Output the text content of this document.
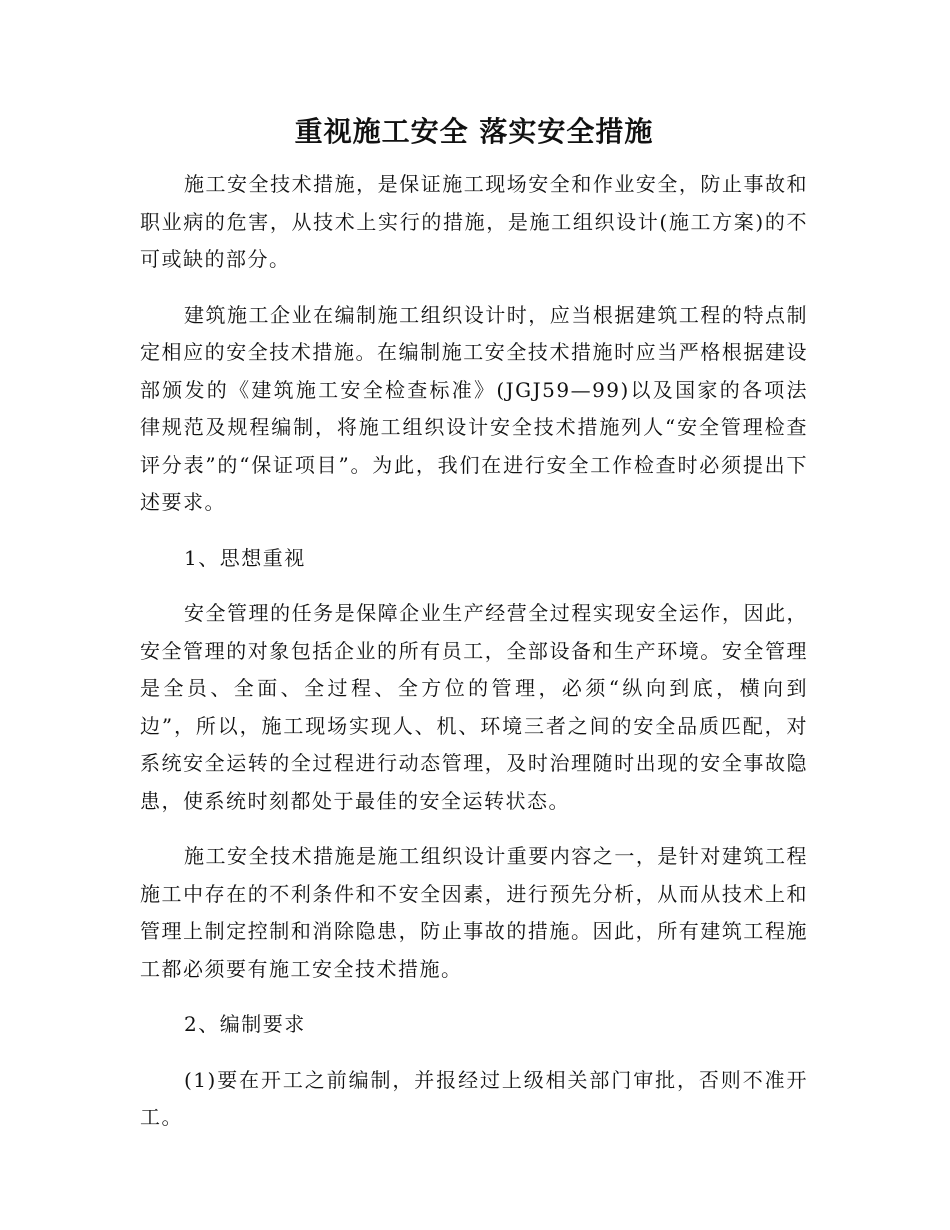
重视施工安全 落实安全措施

施工安全技术措施，是保证施工现场安全和作业安全，防止事故和职业病的危害，从技术上实行的措施，是施工组织设计(施工方案)的不可或缺的部分。

建筑施工企业在编制施工组织设计时，应当根据建筑工程的特点制定相应的安全技术措施。在编制施工安全技术措施时应当严格根据建设部颁发的《建筑施工安全检查标准》(JGJ59—99)以及国家的各项法律规范及规程编制，将施工组织设计安全技术措施列人“安全管理检查评分表”的“保证项目”。为此，我们在进行安全工作检查时必须提出下述要求。

1、思想重视

安全管理的任务是保障企业生产经营全过程实现安全运作，因此，安全管理的对象包括企业的所有员工，全部设备和生产环境。安全管理是全员、全面、全过程、全方位的管理，必须“纵向到底，横向到边”，所以，施工现场实现人、机、环境三者之间的安全品质匹配，对系统安全运转的全过程进行动态管理，及时治理随时出现的安全事故隐患，使系统时刻都处于最佳的安全运转状态。

施工安全技术措施是施工组织设计重要内容之一，是针对建筑工程施工中存在的不利条件和不安全因素，进行预先分析，从而从技术上和管理上制定控制和消除隐患，防止事故的措施。因此，所有建筑工程施工都必须要有施工安全技术措施。

2、编制要求

(1)要在开工之前编制，并报经过上级相关部门审批，否则不准开工。
